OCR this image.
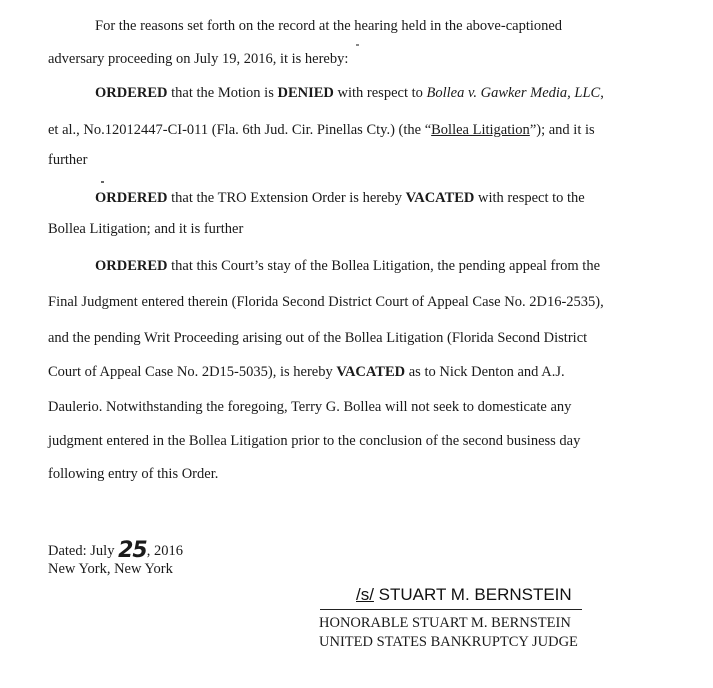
For the reasons set forth on the record at the hearing held in the above-captioned
adversary proceeding on July 19, 2016, it is hereby:
ORDERED that the Motion is DENIED with respect to Bollea v. Gawker Media, LLC,
et al., No.12012447-CI-011 (Fla. 6th Jud. Cir. Pinellas Cty.) (the “Bollea Litigation”); and it is
further
ORDERED that the TRO Extension Order is hereby VACATED with respect to the
Bollea Litigation; and it is further
ORDERED that this Court’s stay of the Bollea Litigation, the pending appeal from the
Final Judgment entered therein (Florida Second District Court of Appeal Case No. 2D16-2535),
and the pending Writ Proceeding arising out of the Bollea Litigation (Florida Second District
Court of Appeal Case No. 2D15-5035), is hereby VACATED as to Nick Denton and A.J.
Daulerio. Notwithstanding the foregoing, Terry G. Bollea will not seek to domesticate any
judgment entered in the Bollea Litigation prior to the conclusion of the second business day
following entry of this Order.
Dated: July 25, 2016
New York, New York
/s/ STUART M. BERNSTEIN
HONORABLE STUART M. BERNSTEIN
UNITED STATES BANKRUPTCY JUDGE
